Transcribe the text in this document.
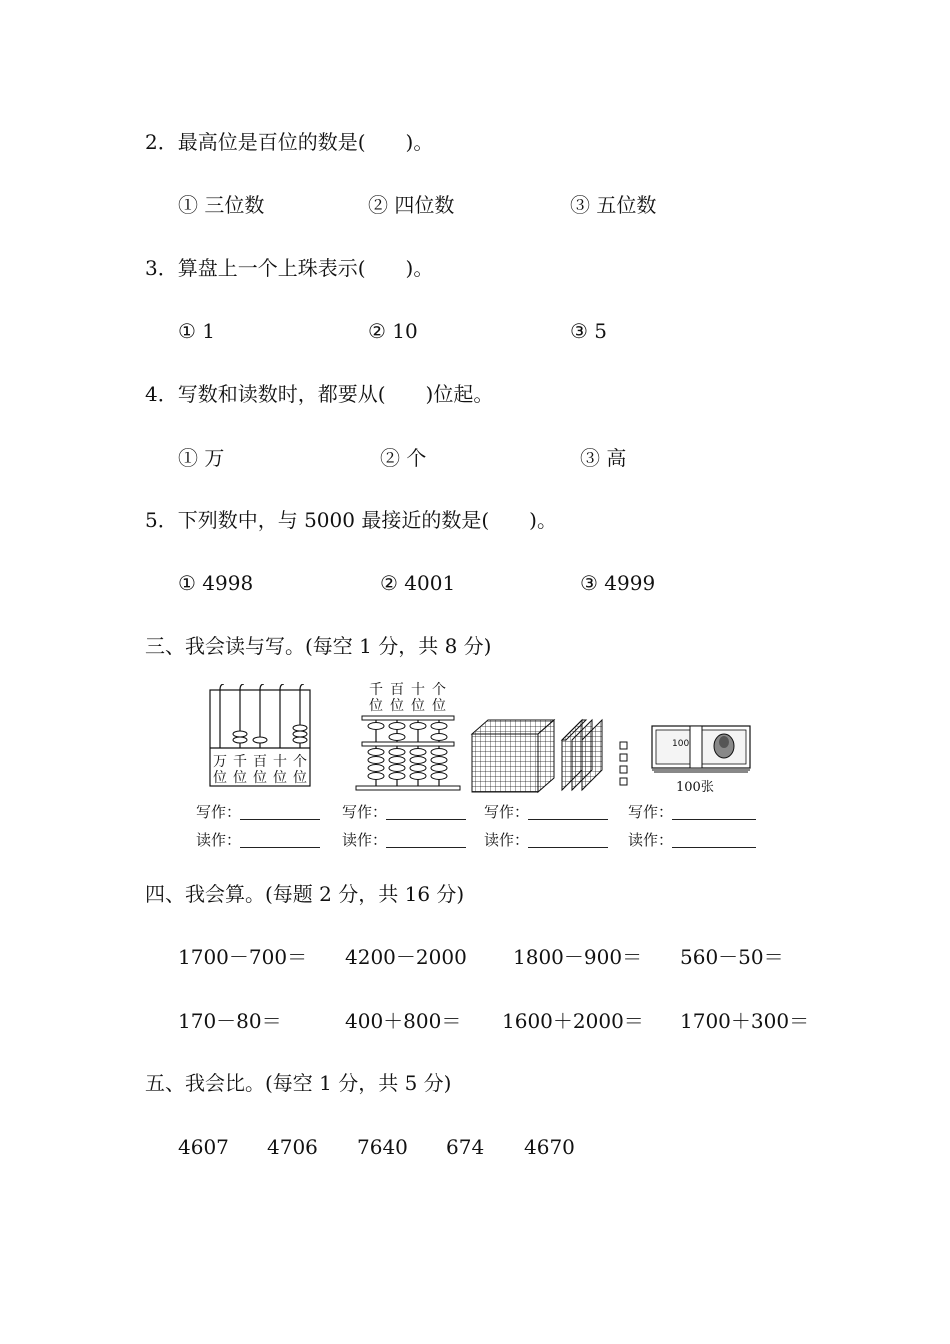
2．最高位是百位的数是(　　)。
① 三位数	② 四位数	③ 五位数
3．算盘上一个上珠表示(　　)。
① 1	② 10	③ 5
4．写数和读数时，都要从(　　)位起。
① 万	② 个	③ 高
5．下列数中，与 5000 最接近的数是(　　)。
① 4998	② 4001	③ 4999
三、我会读与写。(每空 1 分，共 8 分)
万
位
千
位
百
位
十
位
个
位
千
位
百
位
十
位
个
位
100
100张
写作：
读作：
写作：
读作：
写作：
读作：
写作：
读作：
四、我会算。(每题 2 分，共 16 分)
1700－700＝ 4200－2000 1800－900＝ 560－50＝
170－80＝	400＋800＝ 1600＋2000＝ 1700＋300＝
五、我会比。(每空 1 分，共 5 分)
4607 4706 7640 674 4670
